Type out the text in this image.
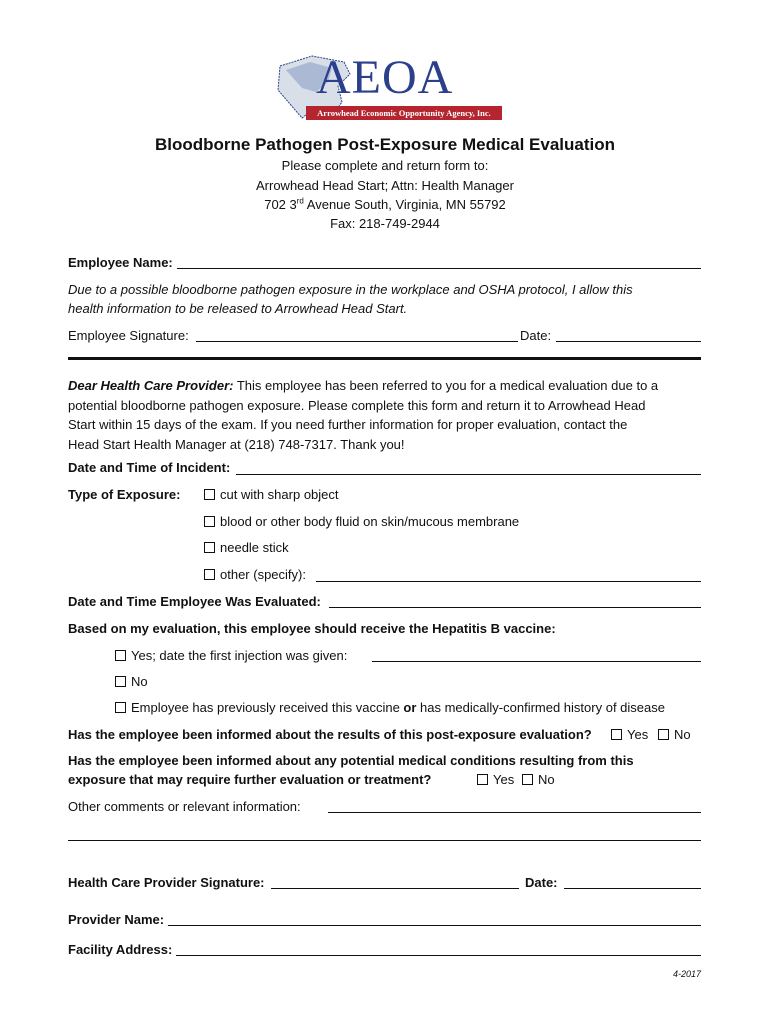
AEOA
Arrowhead Economic Opportunity Agency, Inc.
Bloodborne Pathogen Post-Exposure Medical Evaluation
Please complete and return form to:
Arrowhead Head Start; Attn: Health Manager
702 3rd Avenue South, Virginia, MN 55792
Fax: 218-749-2944
Employee Name:
Due to a possible bloodborne pathogen exposure in the workplace and OSHA protocol, I allow this
health information to be released to Arrowhead Head Start.
Employee Signature:	Date:
Dear Health Care Provider: This employee has been referred to you for a medical evaluation due to a
potential bloodborne pathogen exposure. Please complete this form and return it to Arrowhead Head
Start within 15 days of the exam. If you need further information for proper evaluation, contact the
Head Start Health Manager at (218) 748-7317. Thank you!
Date and Time of Incident:
Type of Exposure:	cut with sharp object
blood or other body fluid on skin/mucous membrane
needle stick
other (specify):
Date and Time Employee Was Evaluated:
Based on my evaluation, this employee should receive the Hepatitis B vaccine:
Yes; date the first injection was given:
No
Employee has previously received this vaccine or has medically-confirmed history of disease
Has the employee been informed about the results of this post-exposure evaluation?	Yes	No
Has the employee been informed about any potential medical conditions resulting from this
exposure that may require further evaluation or treatment?	Yes	No
Other comments or relevant information:
Health Care Provider Signature:	Date:
Provider Name:
Facility Address:
4-2017
